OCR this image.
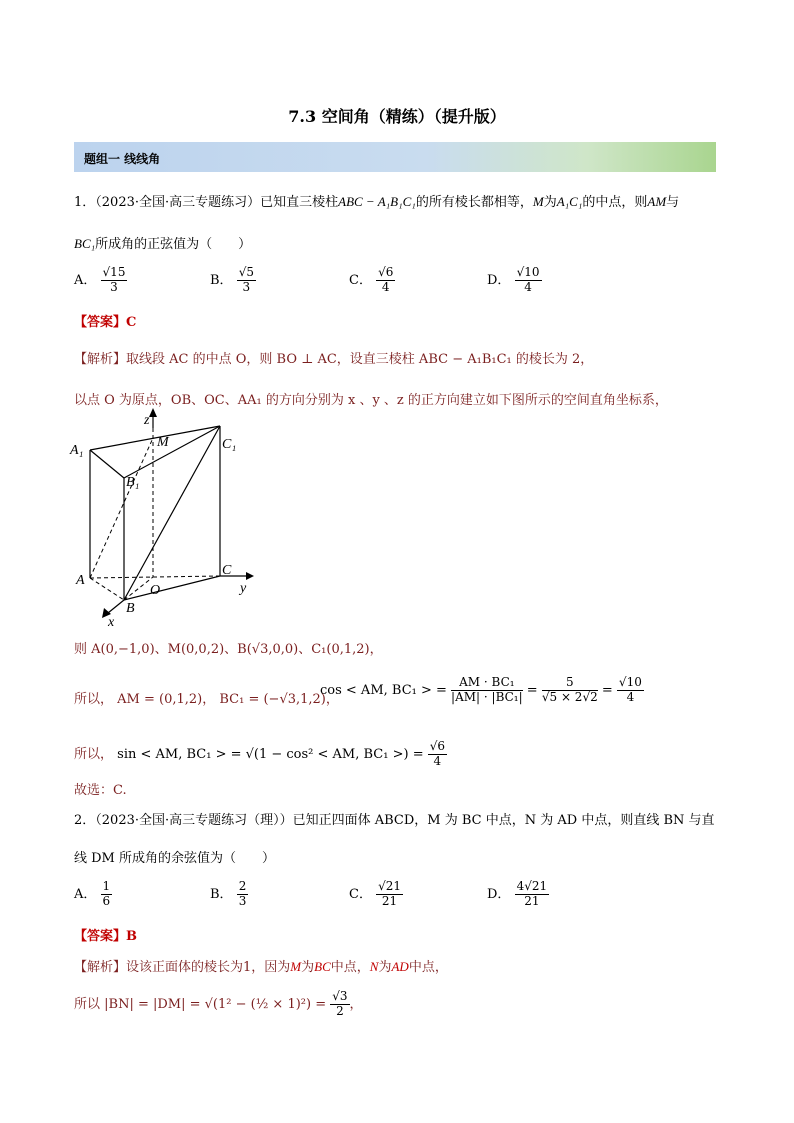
7.3 空间角（精练）（提升版）
题组一 线线角
1．（2023·全国·高三专题练习）已知直三棱柱ABC − A₁B₁C₁的所有棱长都相等，M为A₁C₁的中点，则AM与
BC₁所成角的正弦值为（　　）
A． $\frac{√15}{3}$	B． $\frac{√5}{3}$	C． $\frac{√6}{4}$	D． $\frac{√10}{4}$
【答案】C
【解析】取线段 AC 的中点 O，则 BO ⊥ AC，设直三棱柱 ABC − A₁B₁C₁ 的棱长为 2，
以点 O 为原点，OB、OC、AA₁ 的方向分别为 x 、y 、z 的正方向建立如下图所示的空间直角坐标系，
A₁
M	C₁
B₁
A
O
C
B
x
y
z
则 A(0,−1,0)、M(0,0,2)、B(√3,0,0)、C₁(0,1,2)，
所以， AM = (0,1,2)， BC₁ = (−√3,1,2)，
cos < AM, BC₁ > = $\frac{\text{AM · BC₁}}{\text{|AM| · |BC₁|}} = \frac{5}{√5 \times 2√2} = \frac{√10}{4}$
所以， sin < AM, BC₁ > = √(1 − cos² < AM, BC₁ >) = $\frac{√6}{4}$
故选：C.
2．（2023·全国·高三专题练习（理））已知正四面体 ABCD，M 为 BC 中点，N 为 AD 中点，则直线 BN 与直
线 DM 所成角的余弦值为（　　）
A． $\frac{1}{6}$	B． $\frac{2}{3}$	C． $\frac{√21}{21}$	D． $\frac{4√21}{21}$
【答案】B
【解析】设该正面体的棱长为1，因为M为BC中点，N为AD中点，
所以 |BN| = |DM| = √(1² − (½ × $1)^2) = \frac{√3}{2}$ ，
